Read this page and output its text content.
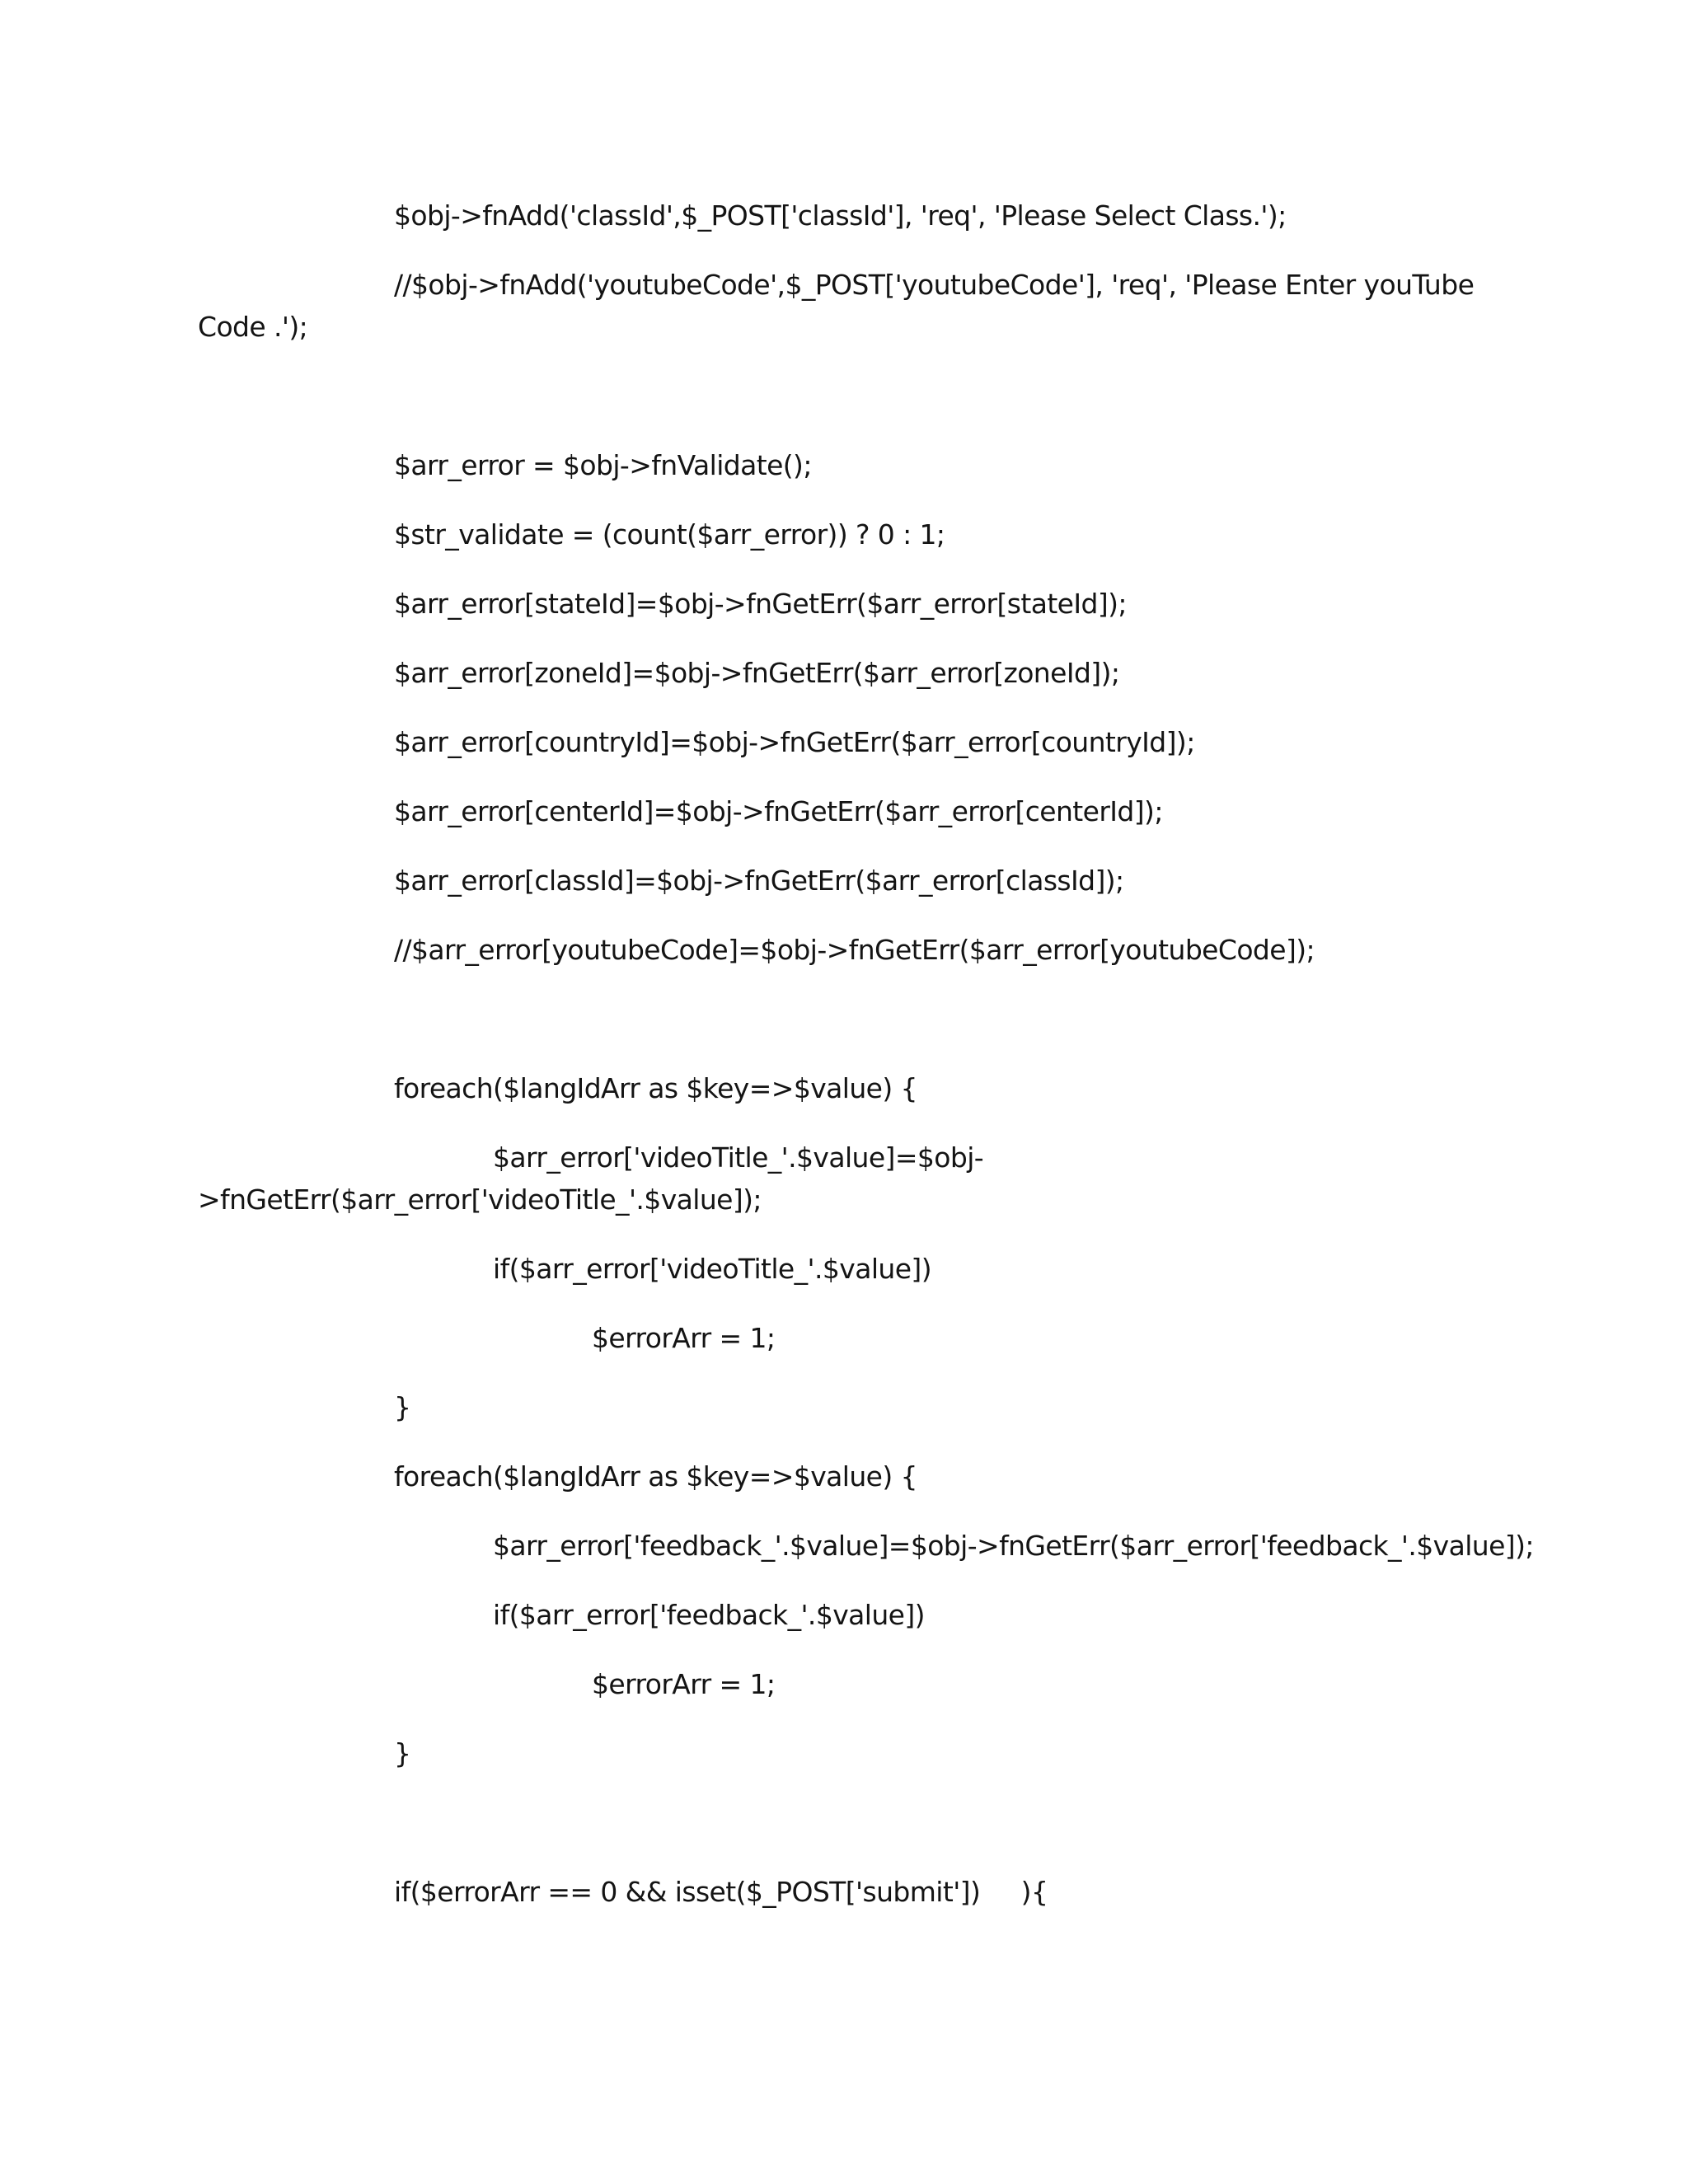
$obj->fnAdd('classId',$_POST['classId'], 'req', 'Please Select Class.');
//$obj->fnAdd('youtubeCode',$_POST['youtubeCode'], 'req', 'Please Enter youTube
Code .');
$arr_error = $obj->fnValidate();
$str_validate = (count($arr_error)) ? 0 : 1;
$arr_error[stateId]=$obj->fnGetErr($arr_error[stateId]);
$arr_error[zoneId]=$obj->fnGetErr($arr_error[zoneId]);
$arr_error[countryId]=$obj->fnGetErr($arr_error[countryId]);
$arr_error[centerId]=$obj->fnGetErr($arr_error[centerId]);
$arr_error[classId]=$obj->fnGetErr($arr_error[classId]);
//$arr_error[youtubeCode]=$obj->fnGetErr($arr_error[youtubeCode]);
foreach($langIdArr as $key=>$value) {
$arr_error['videoTitle_'.$value]=$obj-
>fnGetErr($arr_error['videoTitle_'.$value]);
if($arr_error['videoTitle_'.$value])
$errorArr = 1;
}
foreach($langIdArr as $key=>$value) {
$arr_error['feedback_'.$value]=$obj->fnGetErr($arr_error['feedback_'.$value]);
if($arr_error['feedback_'.$value])
$errorArr = 1;
}
if($errorArr == 0 && isset($_POST['submit'])     ){
